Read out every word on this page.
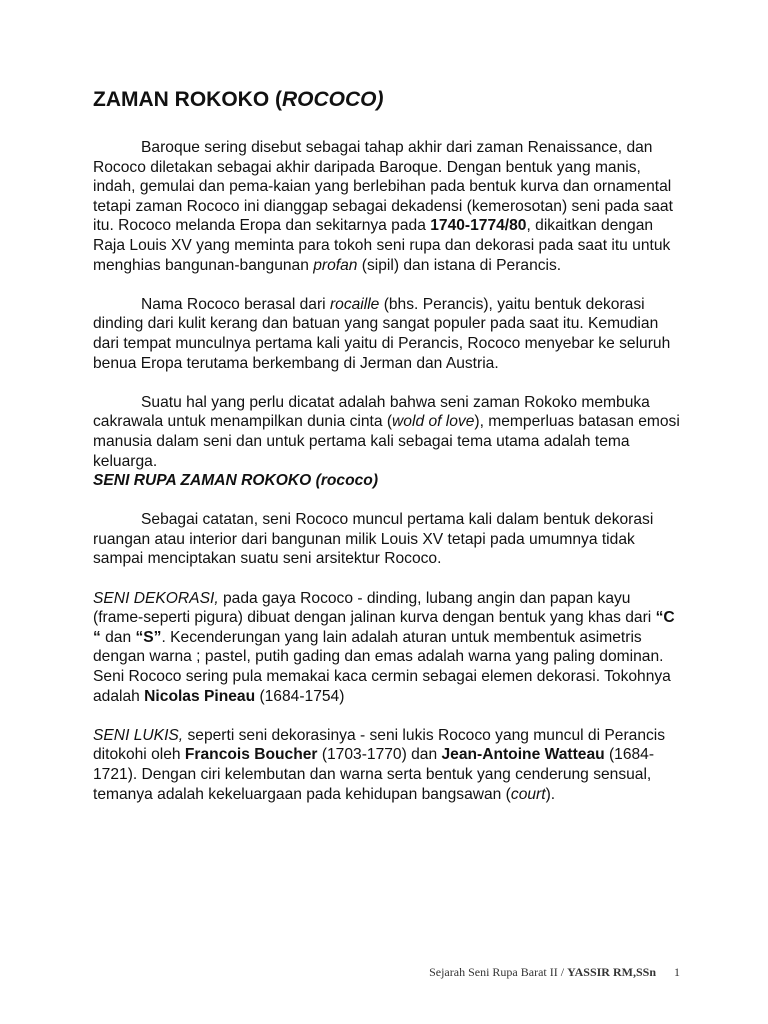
ZAMAN ROKOKO (ROCOCO)

Baroque sering disebut sebagai tahap akhir dari zaman Renaissance, dan Rococo diletakan sebagai akhir daripada Baroque. Dengan bentuk yang manis, indah, gemulai dan pema-kaian yang berlebihan pada bentuk kurva dan ornamental tetapi zaman Rococo ini dianggap sebagai dekadensi (kemerosotan) seni pada saat itu. Rococo melanda Eropa dan sekitarnya pada 1740-1774/80, dikaitkan dengan Raja Louis XV yang meminta para tokoh seni rupa dan dekorasi pada saat itu untuk menghias bangunan-bangunan profan (sipil) dan istana di Perancis.

Nama Rococo berasal dari rocaille (bhs. Perancis), yaitu bentuk dekorasi dinding dari kulit kerang dan batuan yang sangat populer pada saat itu. Kemudian dari tempat munculnya pertama kali yaitu di Perancis, Rococo menyebar ke seluruh benua Eropa terutama berkembang di Jerman dan Austria.

Suatu hal yang perlu dicatat adalah bahwa seni zaman Rokoko membuka cakrawala untuk menampilkan dunia cinta (wold of love), memperluas batasan emosi manusia dalam seni dan untuk pertama kali sebagai tema utama adalah tema keluarga.

SENI RUPA ZAMAN ROKOKO (rococo)

Sebagai catatan, seni Rococo muncul pertama kali dalam bentuk dekorasi ruangan atau interior dari bangunan milik Louis XV tetapi pada umumnya tidak sampai menciptakan suatu seni arsitektur Rococo.

SENI DEKORASI, pada gaya Rococo - dinding, lubang angin dan papan kayu (frame-seperti pigura) dibuat dengan jalinan kurva dengan bentuk yang khas dari “C “ dan “S”. Kecenderungan yang lain adalah aturan untuk membentuk asimetris dengan warna ; pastel, putih gading dan emas adalah warna yang paling dominan. Seni Rococo sering pula memakai kaca cermin sebagai elemen dekorasi. Tokohnya adalah Nicolas Pineau (1684-1754)

SENI LUKIS, seperti seni dekorasinya - seni lukis Rococo yang muncul di Perancis ditokohi oleh Francois Boucher (1703-1770) dan Jean-Antoine Watteau (1684-1721). Dengan ciri kelembutan dan warna serta bentuk yang cenderung sensual, temanya adalah kekeluargaan pada kehidupan bangsawan (court).

Sejarah Seni Rupa Barat II / YASSIR RM,SSn 1
